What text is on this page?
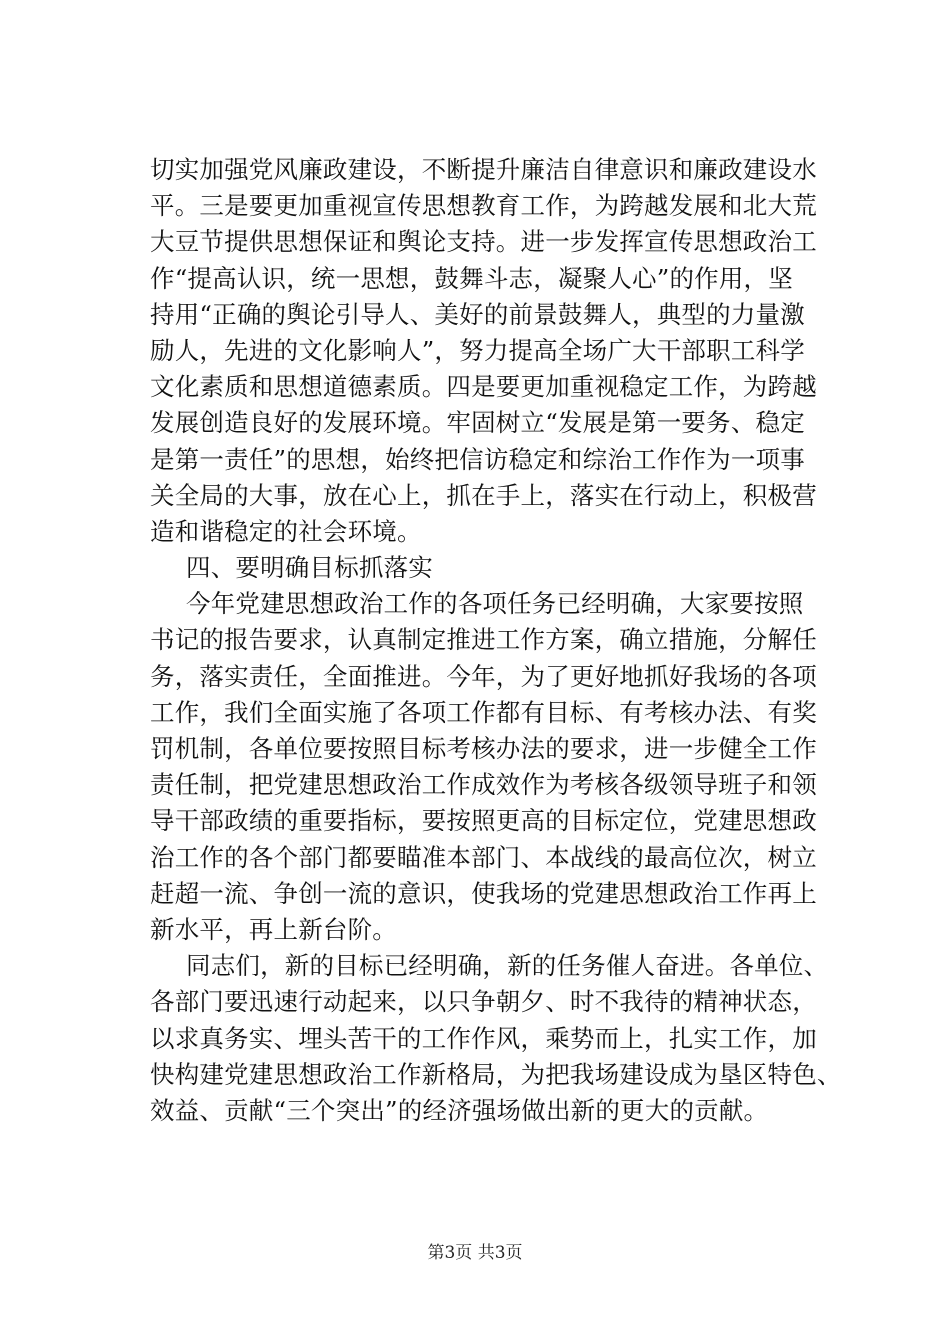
切实加强党风廉政建设，不断提升廉洁自律意识和廉政建设水
平。三是要更加重视宣传思想教育工作，为跨越发展和北大荒
大豆节提供思想保证和舆论支持。进一步发挥宣传思想政治工
作“提高认识，统一思想，鼓舞斗志，凝聚人心”的作用，坚
持用“正确的舆论引导人、美好的前景鼓舞人，典型的力量激
励人，先进的文化影响人”，努力提高全场广大干部职工科学
文化素质和思想道德素质。四是要更加重视稳定工作，为跨越
发展创造良好的发展环境。牢固树立“发展是第一要务、稳定
是第一责任”的思想，始终把信访稳定和综治工作作为一项事
关全局的大事，放在心上，抓在手上，落实在行动上，积极营
造和谐稳定的社会环境。
四、要明确目标抓落实
今年党建思想政治工作的各项任务已经明确，大家要按照
书记的报告要求，认真制定推进工作方案，确立措施，分解任
务，落实责任，全面推进。今年，为了更好地抓好我场的各项
工作，我们全面实施了各项工作都有目标、有考核办法、有奖
罚机制，各单位要按照目标考核办法的要求，进一步健全工作
责任制，把党建思想政治工作成效作为考核各级领导班子和领
导干部政绩的重要指标，要按照更高的目标定位，党建思想政
治工作的各个部门都要瞄准本部门、本战线的最高位次，树立
赶超一流、争创一流的意识，使我场的党建思想政治工作再上
新水平，再上新台阶。
同志们，新的目标已经明确，新的任务催人奋进。各单位、
各部门要迅速行动起来，以只争朝夕、时不我待的精神状态，
以求真务实、埋头苦干的工作作风，乘势而上，扎实工作，加
快构建党建思想政治工作新格局，为把我场建设成为垦区特色、
效益、贡献“三个突出”的经济强场做出新的更大的贡献。
第3页 共3页
